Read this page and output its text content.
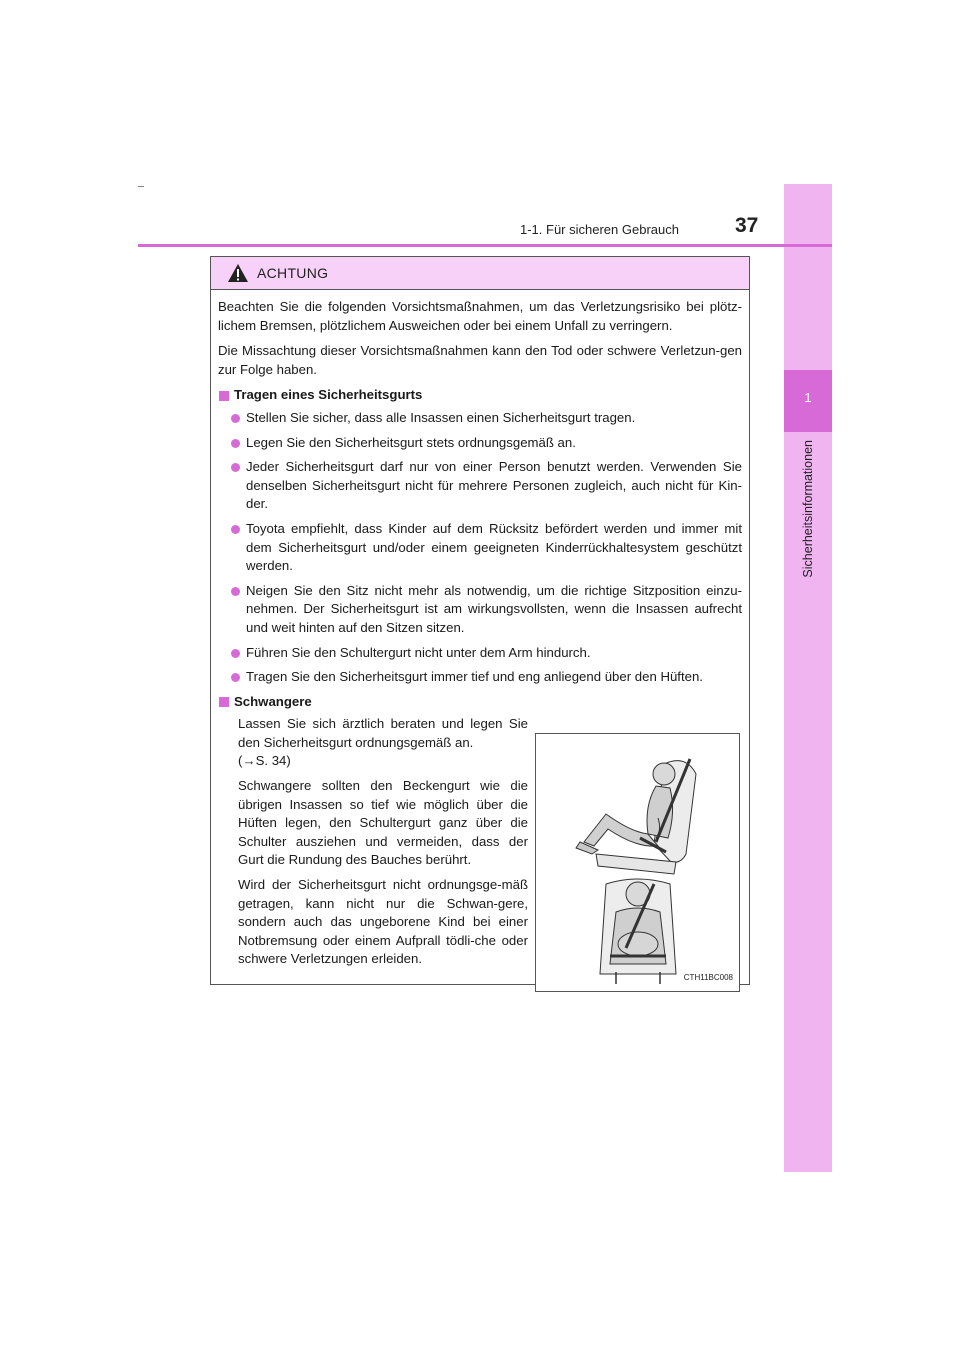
1
Sicherheitsinformationen
1-1. Für sicheren Gebrauch	37
ACHTUNG

Beachten Sie die folgenden Vorsichtsmaßnahmen, um das Verletzungsrisiko bei plötz-lichem Bremsen, plötzlichem Ausweichen oder bei einem Unfall zu verringern.

Die Missachtung dieser Vorsichtsmaßnahmen kann den Tod oder schwere Verletzun-gen zur Folge haben.

Tragen eines Sicherheitsgurts
Stellen Sie sicher, dass alle Insassen einen Sicherheitsgurt tragen.
Legen Sie den Sicherheitsgurt stets ordnungsgemäß an.
Jeder Sicherheitsgurt darf nur von einer Person benutzt werden. Verwenden Sie denselben Sicherheitsgurt nicht für mehrere Personen zugleich, auch nicht für Kin-der.
Toyota empfiehlt, dass Kinder auf dem Rücksitz befördert werden und immer mit dem Sicherheitsgurt und/oder einem geeigneten Kinderrückhaltesystem geschützt werden.
Neigen Sie den Sitz nicht mehr als notwendig, um die richtige Sitzposition einzu-nehmen. Der Sicherheitsgurt ist am wirkungsvollsten, wenn die Insassen aufrecht und weit hinten auf den Sitzen sitzen.
Führen Sie den Schultergurt nicht unter dem Arm hindurch.
Tragen Sie den Sicherheitsgurt immer tief und eng anliegend über den Hüften.
Schwangere

Lassen Sie sich ärztlich beraten und legen Sie den Sicherheitsgurt ordnungsgemäß an.
(→S. 34)

Schwangere sollten den Beckengurt wie die übrigen Insassen so tief wie möglich über die Hüften legen, den Schultergurt ganz über die Schulter ausziehen und vermeiden, dass der Gurt die Rundung des Bauches berührt.

Wird der Sicherheitsgurt nicht ordnungsge-mäß getragen, kann nicht nur die Schwan-gere, sondern auch das ungeborene Kind bei einer Notbremsung oder einem Aufprall tödli-che oder schwere Verletzungen erleiden.

CTH11BC008
